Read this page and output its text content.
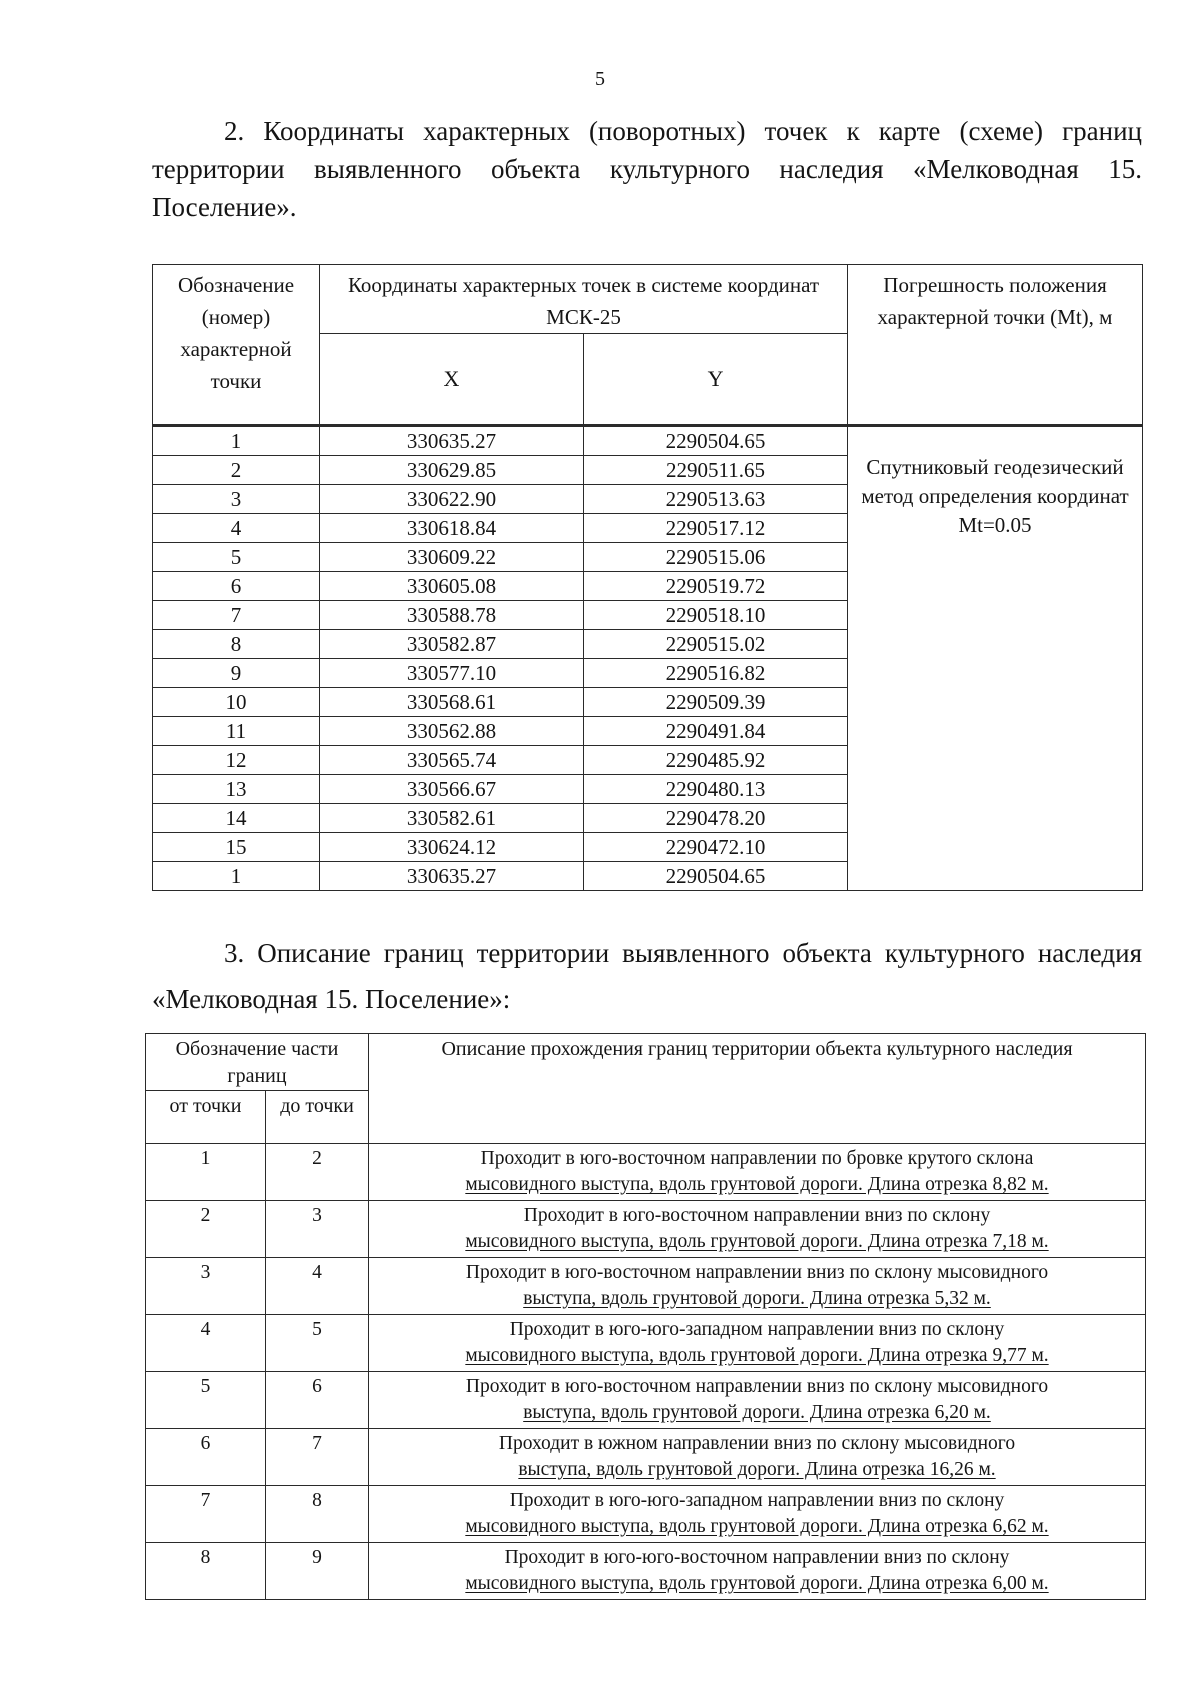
5

2. Координаты характерных (поворотных) точек к карте (схеме) границ территории выявленного объекта культурного наследия «Мелководная 15. Поселение».

Обозначение (номер) характерной точки	Координаты характерных точек в системе координат МСК-25		Погрешность положения характерной точки (Mt), м
	X	Y	
1	330635.27	2290504.65	Спутниковый геодезический метод определения координат Mt=0.05
2	330629.85	2290511.65	
3	330622.90	2290513.63	
4	330618.84	2290517.12	
5	330609.22	2290515.06	
6	330605.08	2290519.72	
7	330588.78	2290518.10	
8	330582.87	2290515.02	
9	330577.10	2290516.82	
10	330568.61	2290509.39	
11	330562.88	2290491.84	
12	330565.74	2290485.92	
13	330566.67	2290480.13	
14	330582.61	2290478.20	
15	330624.12	2290472.10	
1	330635.27	2290504.65	

3. Описание границ территории выявленного объекта культурного наследия «Мелководная 15. Поселение»:

Обозначение части границ		Описание прохождения границ территории объекта культурного наследия
от точки	до точки	
1	2	Проходит в юго-восточном направлении по бровке крутого склона
мысовидного выступа, вдоль грунтовой дороги. Длина отрезка 8,82 м.

2	3	Проходит в юго-восточном направлении вниз по склону
мысовидного выступа, вдоль грунтовой дороги. Длина отрезка 7,18 м.

3	4	Проходит в юго-восточном направлении вниз по склону мысовидного
выступа, вдоль грунтовой дороги. Длина отрезка 5,32 м.

4	5	Проходит в юго-юго-западном направлении вниз по склону
мысовидного выступа, вдоль грунтовой дороги. Длина отрезка 9,77 м.

5	6	Проходит в юго-восточном направлении вниз по склону мысовидного
выступа, вдоль грунтовой дороги. Длина отрезка 6,20 м.

6	7	Проходит в южном направлении вниз по склону мысовидного
выступа, вдоль грунтовой дороги. Длина отрезка 16,26 м.

7	8	Проходит в юго-юго-западном направлении вниз по склону
мысовидного выступа, вдоль грунтовой дороги. Длина отрезка 6,62 м.

8	9	Проходит в юго-юго-восточном направлении вниз по склону
мысовидного выступа, вдоль грунтовой дороги. Длина отрезка 6,00 м.
